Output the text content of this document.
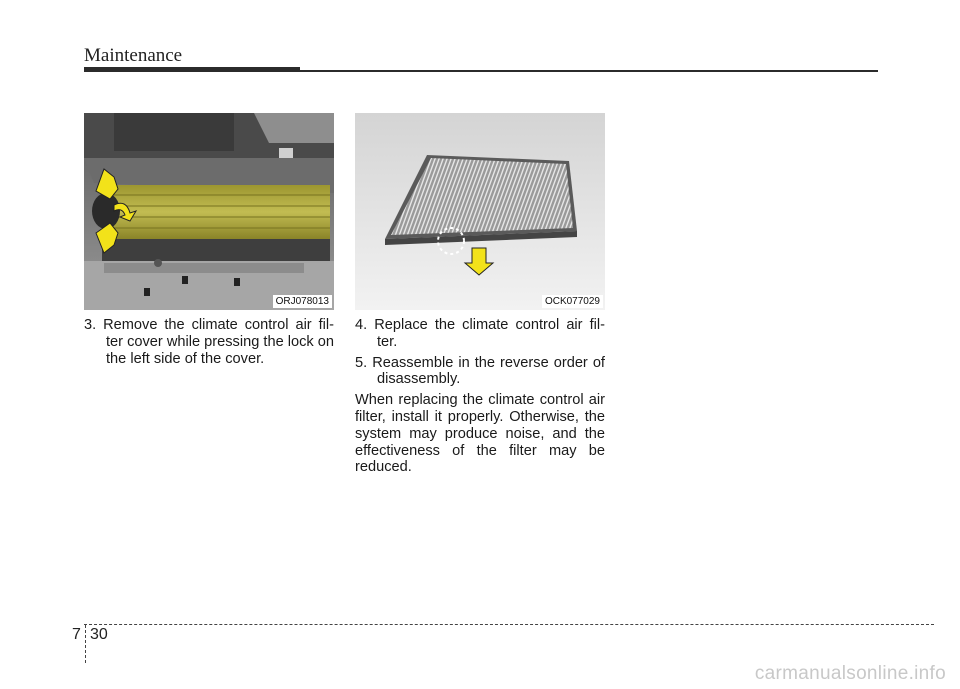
Maintenance
ORJ078013	OCK077029

3. Remove the climate control air fil- ter cover while pressing the lock on the left side of the cover.

4. Replace the climate control air fil- ter.

5. Reassemble in the reverse order of disassembly.

When replacing the climate control air filter, install it properly. Otherwise, the system may produce noise, and the effectiveness of the filter may be reduced.

7 30
carmanualsonline.info
